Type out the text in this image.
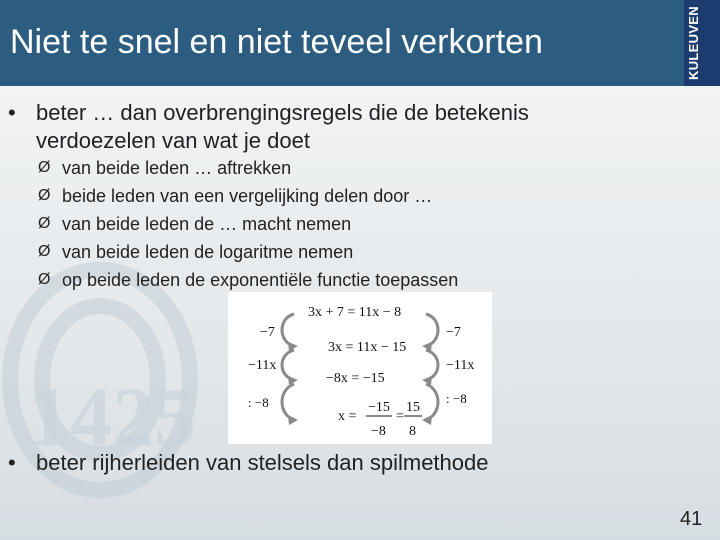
1425
Niet te snel en niet teveel verkorten	KULEUVEN
• beter … dan overbrengingsregels die de betekenis
verdoezelen van wat je doet
Ø van beide leden … aftrekken
Ø beide leden van een vergelijking delen door …
Ø van beide leden de … macht nemen
Ø van beide leden de logaritme nemen
Ø op beide leden de exponentiële functie toepassen
3x + 7 = 11x − 8
3x = 11x − 15
−8x = −15
x =
−15
−8
=
15
8
−7
−11x
: −8
−7
−11x
: −8
• beter rijherleiden van stelsels dan spilmethode
41
